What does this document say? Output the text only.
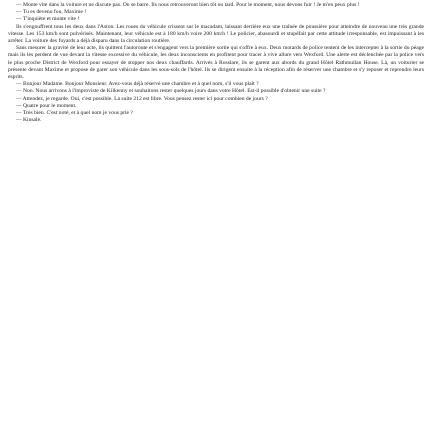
— Monte vite dans la voiture et ne discute pas. On se barre. Ils nous retrouveront bien tôt ou tard. Pour le moment, nous devons fuir ! Je m'en peux plus !

— Tu es devenu fou, Maxime !

— T'inquiète et monte vite !

Ils s'engouffrent tous les deux dans l'Aston. Les roues du véhicule crissent sur le macadam, laissant derrière eux une traînée de poussière pour atteindre de nouveau une très grande vitesse. Les 153 km/h sont pulvérisés. Maintenant, leur véhicule est à 180 km/h voire 200 km/h ! Le policier, abasourdi et stupéfait par cette attitude irresponsable, est impuissant à les arrêter. La voiture des fuyards a déjà disparu dans la circulation routière.

Sans mesurer la gravité de leur acte, ils quittent l'autoroute et s'engagent vers la première sortie qui s'offre à eux. Deux motards de police tentent de les intercepter à la sortie du péage mais ils les perdent de vue devant la vitesse excessive du véhicule, les deux inconscients en profitent pour tracer à vive allure vers Wexford. Une alerte est déclenchée par la police vers le plus proche District de Wexford pour essayer de stopper nos deux chauffards. Arrivés à Rosslare, ils se garent aux abords du grand Hôtel Rathmullan House. Là, un voiturier se présente devant Maxime et propose de garer son véhicule dans les sous-sols de l'hôtel. Ils se dirigent ensuite à la réception afin de réserver une chambre et s'y reposer et reprendre leurs esprits.

— Bonjour Madame. Bonjour Monsieur. Avez-vous déjà réservé une chambre et à quel nom, s'il vous plaît ?

— Non. Nous arrivons à l'improviste de Kilkenny et souhaitons rester quelques jours dans votre Hôtel. Est-il possible d'obtenir une suite ?

— Attendez, je regarde. Oui, c'est possible. La suite 212 est libre. Vous pensez rester ici pour combien de jours ?

— Quatre pour le moment.

— Très bien. C'est noté, et à quel nom je vous prie ?

— Kinsale.
